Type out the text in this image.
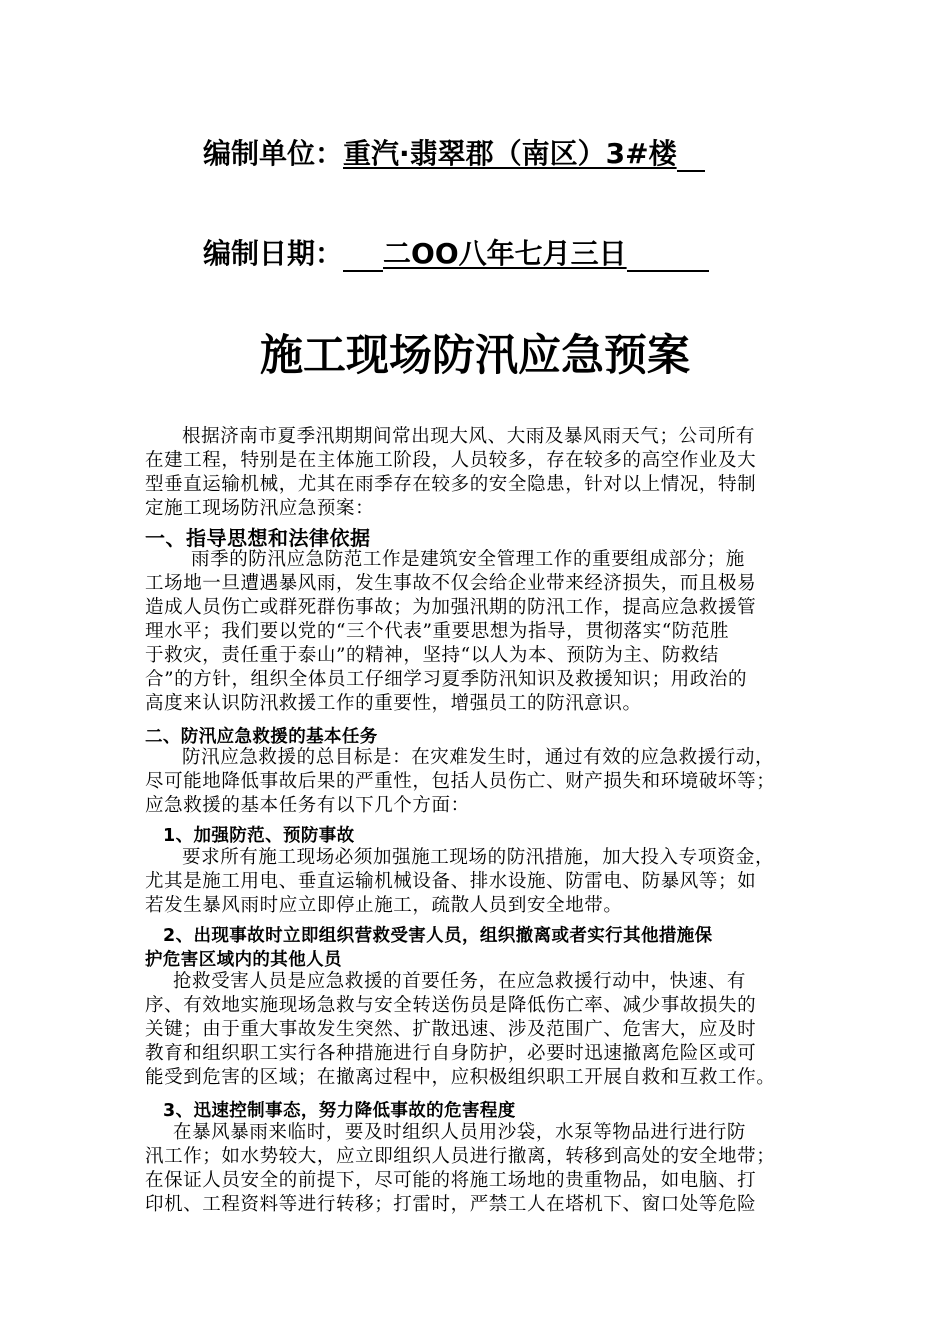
编制单位：重汽·翡翠郡（南区）3#楼
编制日期： 二OO八年七月三日
施工现场防汛应急预案

根据济南市夏季汛期期间常出现大风、大雨及暴风雨天气；公司所有

在建工程，特别是在主体施工阶段，人员较多，存在较多的高空作业及大

型垂直运输机械，尤其在雨季存在较多的安全隐患，针对以上情况，特制

定施工现场防汛应急预案：

一、指导思想和法律依据

雨季的防汛应急防范工作是建筑安全管理工作的重要组成部分；施

工场地一旦遭遇暴风雨，发生事故不仅会给企业带来经济损失，而且极易

造成人员伤亡或群死群伤事故；为加强汛期的防汛工作，提高应急救援管

理水平；我们要以党的“三个代表”重要思想为指导，贯彻落实“防范胜

于救灾，责任重于泰山”的精神，坚持“以人为本、预防为主、防救结

合”的方针，组织全体员工仔细学习夏季防汛知识及救援知识；用政治的

高度来认识防汛救援工作的重要性，增强员工的防汛意识。

二、防汛应急救援的基本任务

防汛应急救援的总目标是：在灾难发生时，通过有效的应急救援行动，

尽可能地降低事故后果的严重性，包括人员伤亡、财产损失和环境破坏等；

应急救援的基本任务有以下几个方面：

1、加强防范、预防事故

要求所有施工现场必须加强施工现场的防汛措施，加大投入专项资金，

尤其是施工用电、垂直运输机械设备、排水设施、防雷电、防暴风等；如

若发生暴风雨时应立即停止施工，疏散人员到安全地带。

2、出现事故时立即组织营救受害人员，组织撤离或者实行其他措施保
护危害区域内的其他人员

抢救受害人员是应急救援的首要任务，在应急救援行动中，快速、有

序、有效地实施现场急救与安全转送伤员是降低伤亡率、减少事故损失的

关键；由于重大事故发生突然、扩散迅速、涉及范围广、危害大，应及时

教育和组织职工实行各种措施进行自身防护，必要时迅速撤离危险区或可

能受到危害的区域；在撤离过程中，应积极组织职工开展自救和互救工作。

3、迅速控制事态，努力降低事故的危害程度

在暴风暴雨来临时，要及时组织人员用沙袋，水泵等物品进行进行防

汛工作；如水势较大，应立即组织人员进行撤离，转移到高处的安全地带；

在保证人员安全的前提下，尽可能的将施工场地的贵重物品，如电脑、打

印机、工程资料等进行转移；打雷时，严禁工人在塔机下、窗口处等危险
